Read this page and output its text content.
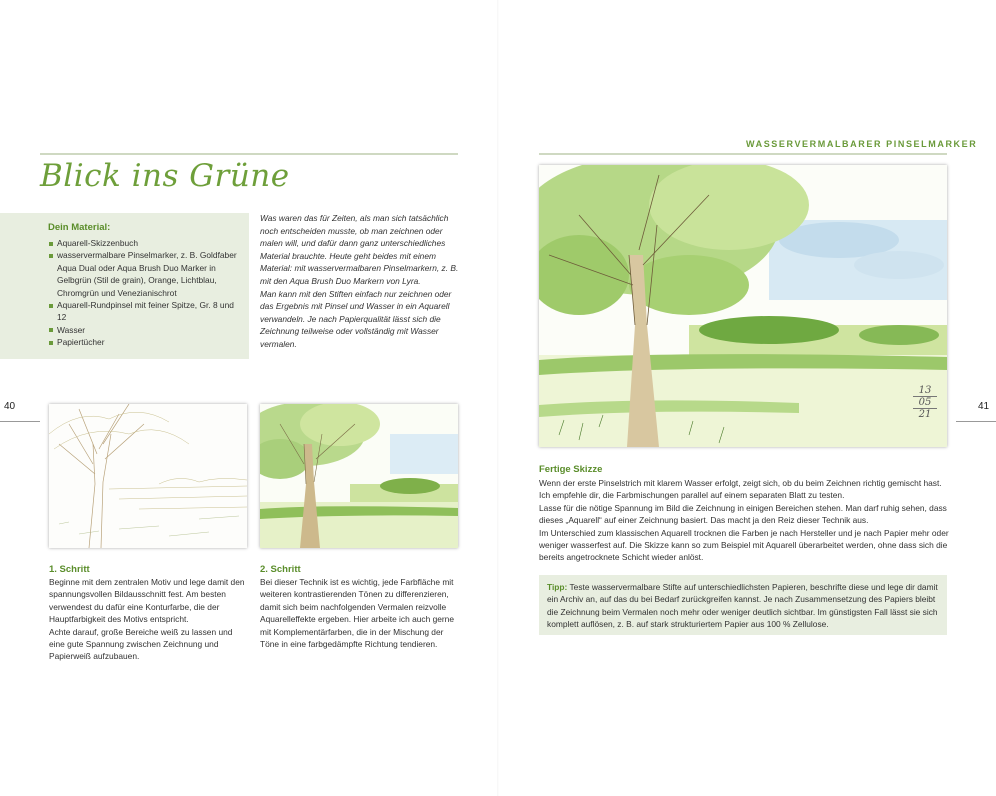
Blick ins Grüne
Dein Material:
Aquarell-Skizzenbuch
wasservermalbare Pinselmarker, z. B. Goldfaber Aqua Dual oder Aqua Brush Duo Marker in Gelbgrün (Stil de grain), Orange, Lichtblau, Chromgrün und Venezianischrot
Aquarell-Rundpinsel mit feiner Spitze, Gr. 8 und 12
Wasser
Papiertücher

Was waren das für Zeiten, als man sich tatsächlich noch entscheiden musste, ob man zeichnen oder malen will, und dafür dann ganz unterschiedliches Material brauchte. Heute geht beides mit einem Material: mit wasservermalbaren Pinselmarkern, z. B. mit den Aqua Brush Duo Markern von Lyra.
Man kann mit den Stiften einfach nur zeichnen oder das Ergebnis mit Pinsel und Wasser in ein Aquarell verwandeln. Je nach Papierqualität lässt sich die Zeichnung teilweise oder vollständig mit Wasser vermalen.

40
1. Schritt

Beginne mit dem zentralen Motiv und lege damit den spannungsvollen Bildausschnitt fest. Am besten verwendest du dafür eine Konturfarbe, die der Hauptfarbigkeit des Motivs entspricht.
Achte darauf, große Bereiche weiß zu lassen und eine gute Spannung zwischen Zeichnung und Papierweiß aufzubauen.

2. Schritt

Bei dieser Technik ist es wichtig, jede Farbfläche mit weiteren kontrastierenden Tönen zu differenzieren, damit sich beim nachfolgenden Vermalen reizvolle Aquarelleffekte ergeben. Hier arbeite ich auch gerne mit Komplementärfarben, die in der Mischung der Töne in eine farbgedämpfte Richtung tendieren.

WASSERVERMALBARER PINSELMARKER
13
05
21
41
Fertige Skizze

Wenn der erste Pinselstrich mit klarem Wasser erfolgt, zeigt sich, ob du beim Zeichnen richtig gemischt hast. Ich empfehle dir, die Farbmischungen parallel auf einem separaten Blatt zu testen.
Lasse für die nötige Spannung im Bild die Zeichnung in einigen Bereichen stehen. Man darf ruhig sehen, dass dieses „Aquarell“ auf einer Zeichnung basiert. Das macht ja den Reiz dieser Technik aus.
Im Unterschied zum klassischen Aquarell trocknen die Farben je nach Hersteller und je nach Papier mehr oder weniger wasserfest auf. Die Skizze kann so zum Beispiel mit Aquarell überarbeitet werden, ohne dass sich die bereits angetrocknete Schicht wieder anlöst.

Tipp: Teste wasservermalbare Stifte auf unterschiedlichsten Papieren, beschrifte diese und lege dir damit ein Archiv an, auf das du bei Bedarf zurückgreifen kannst. Je nach Zusammensetzung des Papiers bleibt die Zeichnung beim Vermalen noch mehr oder weniger deutlich sichtbar. Im günstigsten Fall lässt sie sich komplett auflösen, z. B. auf stark strukturiertem Papier aus 100 % Zellulose.
